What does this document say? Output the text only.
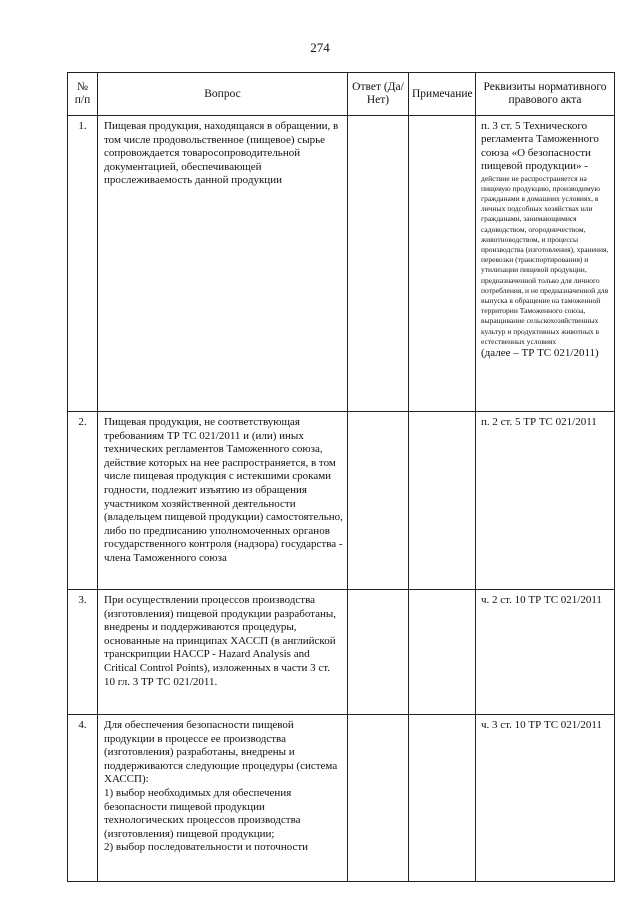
274
№ п/п	Вопрос	Ответ (Да/Нет)	Примечание	Реквизиты нормативного правового акта
1.	Пищевая продукция, находящаяся в обращении, в том числе продовольственное (пищевое) сырье сопровождается товаросопроводительной документацией, обеспечивающей прослеживаемость данной продукции			п. 3 ст. 5 Технического регламента Таможенного союза «О безопасности пищевой продукции» -
действие не распространяется на пищевую продукцию, производимую гражданами в домашних условиях, в личных подсобных хозяйствах или гражданами, занимающимися садоводством, огородничеством, животноводством, и процессы производства (изготовления), хранения, перевозки (транспортирования) и утилизации пищевой продукции, предназначенной только для личного потребления, и не предназначенной для выпуска в обращение на таможенной территории Таможенного союза, выращивание сельскохозяйственных культур и продуктивных животных в естественных условиях
(далее – ТР ТС 021/2011)

2.	Пищевая продукция, не соответствующая требованиям ТР ТС 021/2011 и (или) иных технических регламентов Таможенного союза, действие которых на нее распространяется, в том числе пищевая продукция с истекшими сроками годности, подлежит изъятию из обращения участником хозяйственной деятельности (владельцем пищевой продукции) самостоятельно, либо по предписанию уполномоченных органов государственного контроля (надзора) государства - члена Таможенного союза			п. 2 ст. 5 ТР ТС 021/2011

3.	При осуществлении процессов производства (изготовления) пищевой продукции разработаны, внедрены и поддерживаются процедуры, основанные на принципах ХАССП (в английской транскрипции HACCP - Hazard Analysis and Critical Control Points), изложенных в части 3 ст. 10 гл. 3 ТР ТС 021/2011.			ч. 2 ст. 10 ТР ТС 021/2011

4.	Для обеспечения безопасности пищевой продукции в процессе ее производства (изготовления) разработаны, внедрены и поддерживаются следующие процедуры (система ХАССП):
1) выбор необходимых для обеспечения безопасности пищевой продукции технологических процессов производства (изготовления) пищевой продукции;
2) выбор последовательности и поточности			ч. 3 ст. 10 ТР ТС 021/2011
